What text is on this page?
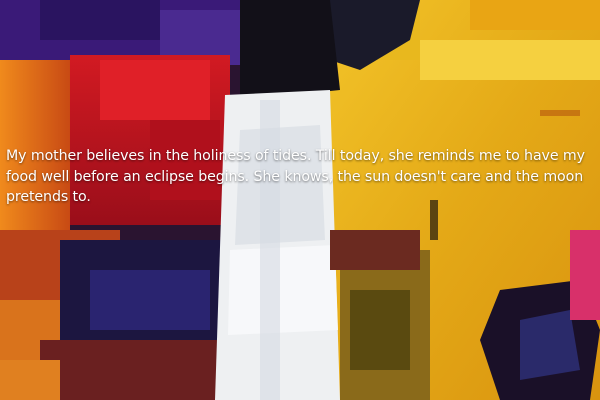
My mother believes in the holiness of tides. Till today, she reminds me to have my food well before an eclipse begins. She knows, the sun doesn't care and the moon pretends to.
